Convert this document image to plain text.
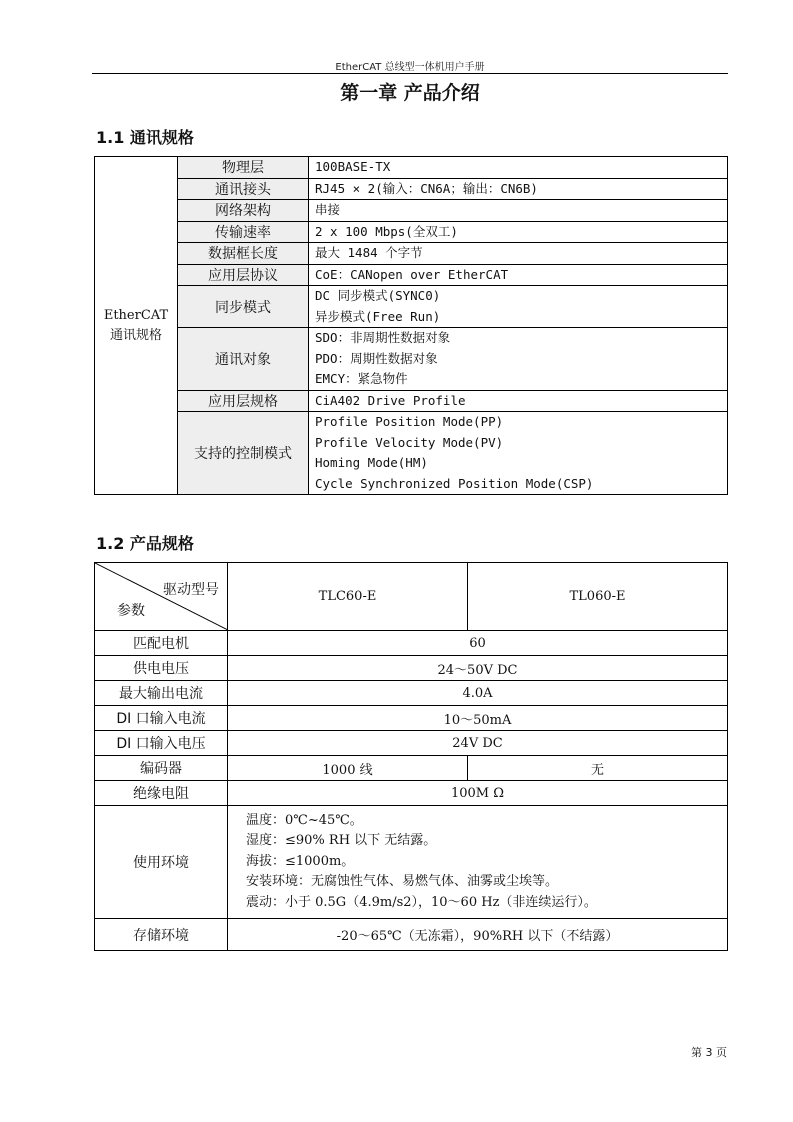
EtherCAT 总线型一体机用户手册
第一章 产品介绍
1.1 通讯规格
EtherCAT
通讯规格	物理层	100BASE-TX

	通讯接头	RJ45 × 2(输入：CN6A；输出：CN6B)

	网络架构	串接

	传输速率	2 x 100 Mbps(全双工)

	数据框长度	最大 1484 个字节

	应用层协议	CoE：CANopen over EtherCAT

	同步模式	DC 同步模式(SYNC0)
异步模式(Free Run)

	通讯对象	SDO：非周期性数据对象
PDO：周期性数据对象
EMCY：紧急物件

	应用层规格	CiA402 Drive Profile

	支持的控制模式	Profile Position Mode(PP)
Profile Velocity Mode(PV)
Homing Mode(HM)
Cycle Synchronized Position Mode(CSP)
1.2 产品规格
驱动型号
参数	TLC60-E	TL060-E
匹配电机	60	
供电电压	24～50V DC	
最大输出电流	4.0A	
DI 口输入电流	10～50mA	
DI 口输入电压	24V DC	
编码器	1000 线	无
绝缘电阻	100M Ω	
使用环境	温度：0℃~45℃。
湿度：≤90% RH 以下 无结露。
海拔：≤1000m。
安装环境：无腐蚀性气体、易燃气体、油雾或尘埃等。
震动：小于 0.5G（4.9m/s2），10～60 Hz（非连续运行）。	

存储环境	-20～65℃（无冻霜），90%RH 以下（不结露）	
第 3 页
